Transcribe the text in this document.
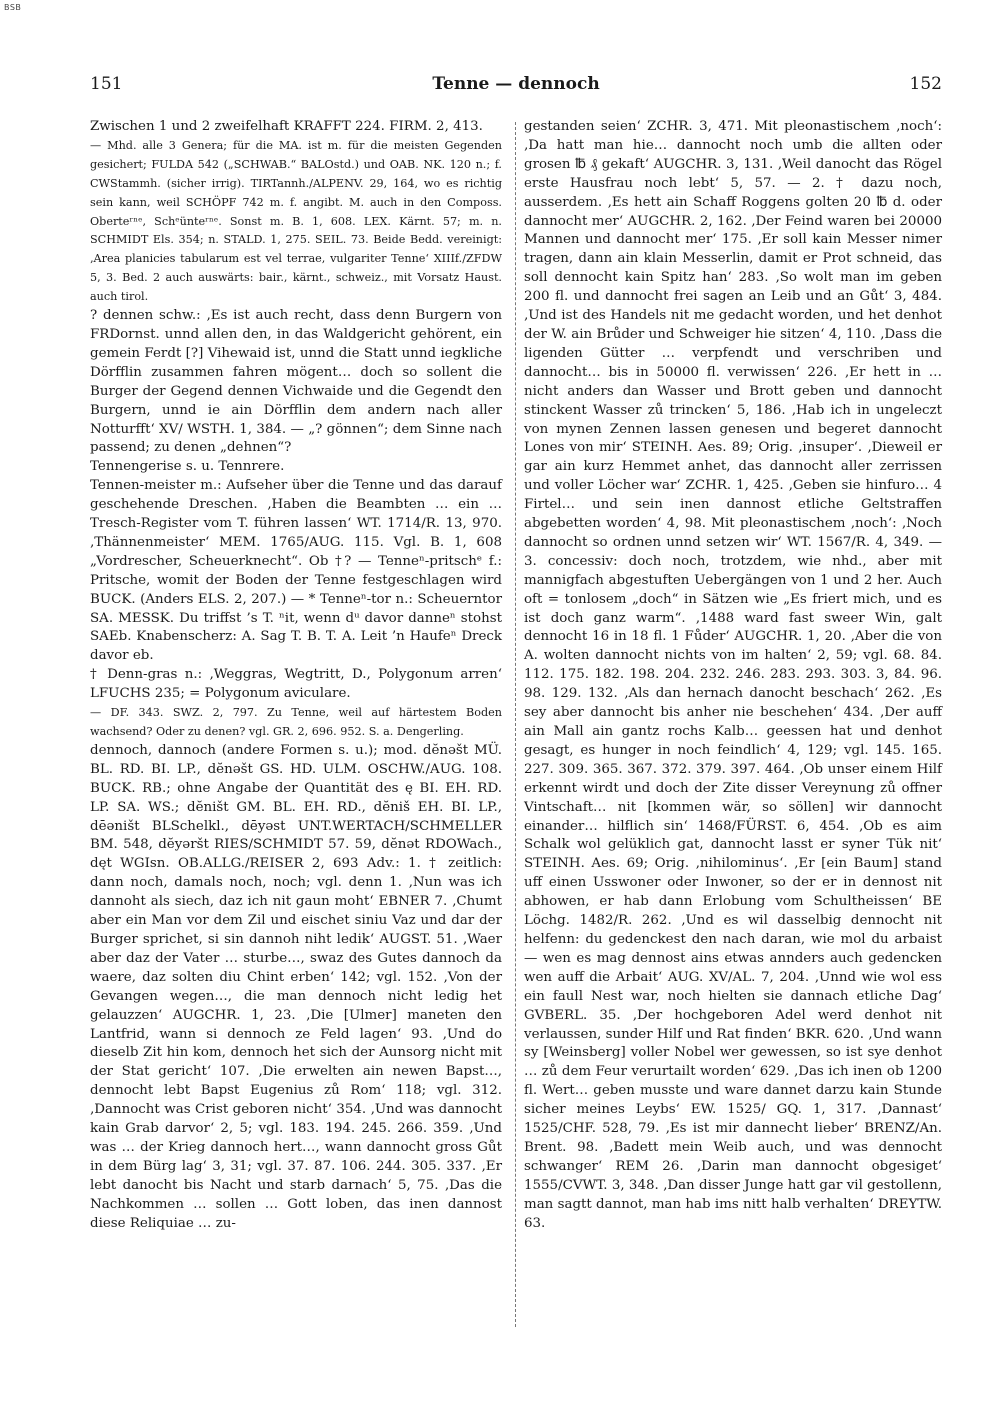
BSB
151	Tenne — dennoch	152

Zwischen 1 und 2 zweifelhaft KRAFFT 224. FIRM. 2, 413.

— Mhd. alle 3 Genera; für die MA. ist m. für die meisten Gegenden gesichert; FULDA 542 („SCHWAB.“ BALOstd.) und OAB. NK. 120 n.; f. CWStammh. (sicher irrig). TIRTannh./ALPENV. 29, 164, wo es richtig sein kann, weil SCHÖPF 742 m. f. angibt. M. auch in den Composs. Oberteʳⁿᵉ, Schᵉünteʳⁿᵉ. Sonst m. B. 1, 608. LEX. Kärnt. 57; m. n. SCHMIDT Els. 354; n. STALD. 1, 275. SEIL. 73. Beide Bedd. vereinigt: ‚Area planicies tabularum est vel terrae, vulgariter Tenne‘ XIIIf./ZFDW 5, 3. Bed. 2 auch auswärts: bair., kärnt., schweiz., mit Vorsatz Haust. auch tirol.

? dennen schw.: ‚Es ist auch recht, dass denn Burgern von FRDornst. unnd allen den, in das Waldgericht gehörent, ein gemein Ferdt [?] Vihewaid ist, unnd die Statt unnd iegkliche Dörfflin zusammen fahren mögent… doch so sollent die Burger der Gegend dennen Vichwaide und die Gegendt den Burgern, unnd ie ain Dörfflin dem andern nach aller Notturfft‘ XV/ WSTH. 1, 384. — „? gönnen“; dem Sinne nach passend; zu denen „dehnen“?

Tennengerise s. u. Tennrere.

Tennen-meister m.: Aufseher über die Tenne und das darauf geschehende Dreschen. ‚Haben die Beambten … ein … Tresch-Register vom T. führen lassen‘ WT. 1714/R. 13, 970. ‚Thännenmeister‘ MEM. 1765/AUG. 115. Vgl. B. 1, 608 „Vordrescher, Scheuerknecht“. Ob †? — Tenneⁿ-pritschᵉ f.: Pritsche, womit der Boden der Tenne festgeschlagen wird BUCK. (Anders ELS. 2, 207.) — * Tenneⁿ-tor n.: Scheuerntor SA. MESSK. Du triffst ’s T. ⁿit, wenn dᵘ davor danneⁿ stohst SAEb. Knabenscherz: A. Sag T. B. T. A. Leit ’n Haufeⁿ Dreck davor eb.

† Denn-gras n.: ‚Weggras, Wegtritt, D., Polygonum arren‘ LFUCHS 235; = Polygonum aviculare.

— DF. 343. SWZ. 2, 797. Zu Tenne, weil auf härtestem Boden wachsend? Oder zu denen? vgl. GR. 2, 696. 952. S. a. Dengerling.

dennoch, dannoch (andere Formen s. u.); mod. dĕnəšt MÜ. BL. RD. BI. LP., dĕnəšt GS. HD. ULM. OSCHW./AUG. 108. BUCK. RB.; ohne Angabe der Quantität des ę BI. EH. RD. LP. SA. WS.; dĕništ GM. BL. EH. RD., dĕniš EH. BI. LP., dēəništ BLSchelkl., dēyəst UNT.WERTACH/SCHMELLER BM. 548, dĕyəršt RIES/SCHMIDT 57. 59, dĕnət RDOWach., dęt WGIsn. OB.ALLG./REISER 2, 693 Adv.: 1. † zeitlich: dann noch, damals noch, noch; vgl. denn 1. ‚Nun was ich dannoht als siech, daz ich nit gaun moht‘ EBNER 7. ‚Chumt aber ein Man vor dem Zil und eischet siniu Vaz und dar der Burger sprichet, si sin dannoh niht ledik‘ AUGST. 51. ‚Waer aber daz der Vater … sturbe…, swaz des Gutes dannoch da waere, daz solten diu Chint erben‘ 142; vgl. 152. ‚Von der Gevangen wegen…, die man dennoch nicht ledig het gelauzzen‘ AUGCHR. 1, 23. ‚Die [Ulmer] maneten den Lantfrid, wann si dennoch ze Feld lagen‘ 93. ‚Und do dieselb Zit hin kom, dennoch het sich der Aunsorg nicht mit der Stat gericht‘ 107. ‚Die erwelten ain newen Bapst…, dennocht lebt Bapst Eugenius zů Rom‘ 118; vgl. 312. ‚Dannocht was Crist geboren nicht‘ 354. ‚Und was dannocht kain Grab darvor‘ 2, 5; vgl. 183. 194. 245. 266. 359. ‚Und was … der Krieg dannoch hert…, wann dannocht gross Gůt in dem Bürg lag‘ 3, 31; vgl. 37. 87. 106. 244. 305. 337. ‚Er lebt danocht bis Nacht und starb darnach‘ 5, 75. ‚Das die Nachkommen … sollen … Gott loben, das inen dannost diese Reliquiae … zu-

gestanden seien‘ ZCHR. 3, 471. Mit pleonastischem ‚noch‘: ‚Da hatt man hie… dannocht noch umb die allten oder grosen ℔ ₰ gekaft‘ AUGCHR. 3, 131. ‚Weil danocht das Rögel erste Hausfrau noch lebt‘ 5, 57. — 2. † dazu noch, ausserdem. ‚Es hett ain Schaff Roggens golten 20 ℔ d. oder dannocht mer‘ AUGCHR. 2, 162. ‚Der Feind waren bei 20000 Mannen und dannocht mer‘ 175. ‚Er soll kain Messer nimer tragen, dann ain klain Messerlin, damit er Prot schneid, das soll dennocht kain Spitz han‘ 283. ‚So wolt man im geben 200 fl. und dannocht frei sagen an Leib und an Gůt‘ 3, 484. ‚Und ist des Handels nit me gedacht worden, und het denhot der W. ain Brůder und Schweiger hie sitzen‘ 4, 110. ‚Dass die ligenden Gütter … verpfendt und verschriben und dannocht… bis in 50000 fl. verwissen‘ 226. ‚Er hett in … nicht anders dan Wasser und Brott geben und dannocht stinckent Wasser zů trincken‘ 5, 186. ‚Hab ich in ungeleczt von mynen Zennen lassen genesen und begeret dannocht Lones von mir‘ STEINH. Aes. 89; Orig. ‚insuper‘. ‚Dieweil er gar ain kurz Hemmet anhet, das dannocht aller zerrissen und voller Löcher war‘ ZCHR. 1, 425. ‚Geben sie hinfuro… 4 Firtel… und sein inen dannost etliche Geltstraffen abgebetten worden‘ 4, 98. Mit pleonastischem ‚noch‘: ‚Noch dannocht so ordnen unnd setzen wir‘ WT. 1567/R. 4, 349. — 3. concessiv: doch noch, trotzdem, wie nhd., aber mit mannigfach abgestuften Uebergängen von 1 und 2 her. Auch oft = tonlosem „doch“ in Sätzen wie „Es friert mich, und es ist doch ganz warm“. ‚1488 ward fast sweer Win, galt dennocht 16 in 18 fl. 1 Fůder‘ AUGCHR. 1, 20. ‚Aber die von A. wolten dannocht nichts von im halten‘ 2, 59; vgl. 68. 84. 112. 175. 182. 198. 204. 232. 246. 283. 293. 303. 3, 84. 96. 98. 129. 132. ‚Als dan hernach danocht beschach‘ 262. ‚Es sey aber dannocht bis anher nie beschehen‘ 434. ‚Der auff ain Mall ain gantz rochs Kalb… geessen hat und denhot gesagt, es hunger in noch feindlich‘ 4, 129; vgl. 145. 165. 227. 309. 365. 367. 372. 379. 397. 464. ‚Ob unser einem Hilf erkennt wirdt und doch der Zite disser Vereynung zů offner Vintschaft… nit [kommen wär, so söllen] wir dannocht einander… hilflich sin‘ 1468/FÜRST. 6, 454. ‚Ob es aim Schalk wol gelüklich gat, dannocht lasst er syner Tük nit‘ STEINH. Aes. 69; Orig. ‚nihilominus‘. ‚Er [ein Baum] stand uff einen Usswoner oder Inwoner, so der er in dennost nit abhowen, er hab dann Erlobung vom Schultheissen‘ BE Löchg. 1482/R. 262. ‚Und es wil dasselbig dennocht nit helfenn: du gedenckest den nach daran, wie mol du arbaist — wen es mag dennost ains etwas annders auch gedencken wen auff die Arbait‘ AUG. XV/AL. 7, 204. ‚Unnd wie wol ess ein faull Nest war, noch hielten sie dannach etliche Dag‘ GVBERL. 35. ‚Der hochgeboren Adel werd denhot nit verlaussen, sunder Hilf und Rat finden‘ BKR. 620. ‚Und wann sy [Weinsberg] voller Nobel wer gewessen, so ist sye denhot … zů dem Feur verurtailt worden‘ 629. ‚Das ich inen ob 1200 fl. Wert… geben musste und ware dannet darzu kain Stunde sicher meines Leybs‘ EW. 1525/ GQ. 1, 317. ‚Dannast‘ 1525/CHF. 528, 79. ‚Es ist mir dannecht lieber‘ BRENZ/An. Brent. 98. ‚Badett mein Weib auch, und was dennocht schwanger‘ REM 26. ‚Darin man dannocht obgesiget‘ 1555/CVWT. 3, 348. ‚Dan disser Junge hatt gar vil gestollenn, man sagtt dannot, man hab ims nitt halb verhalten‘ DREYTW. 63.
